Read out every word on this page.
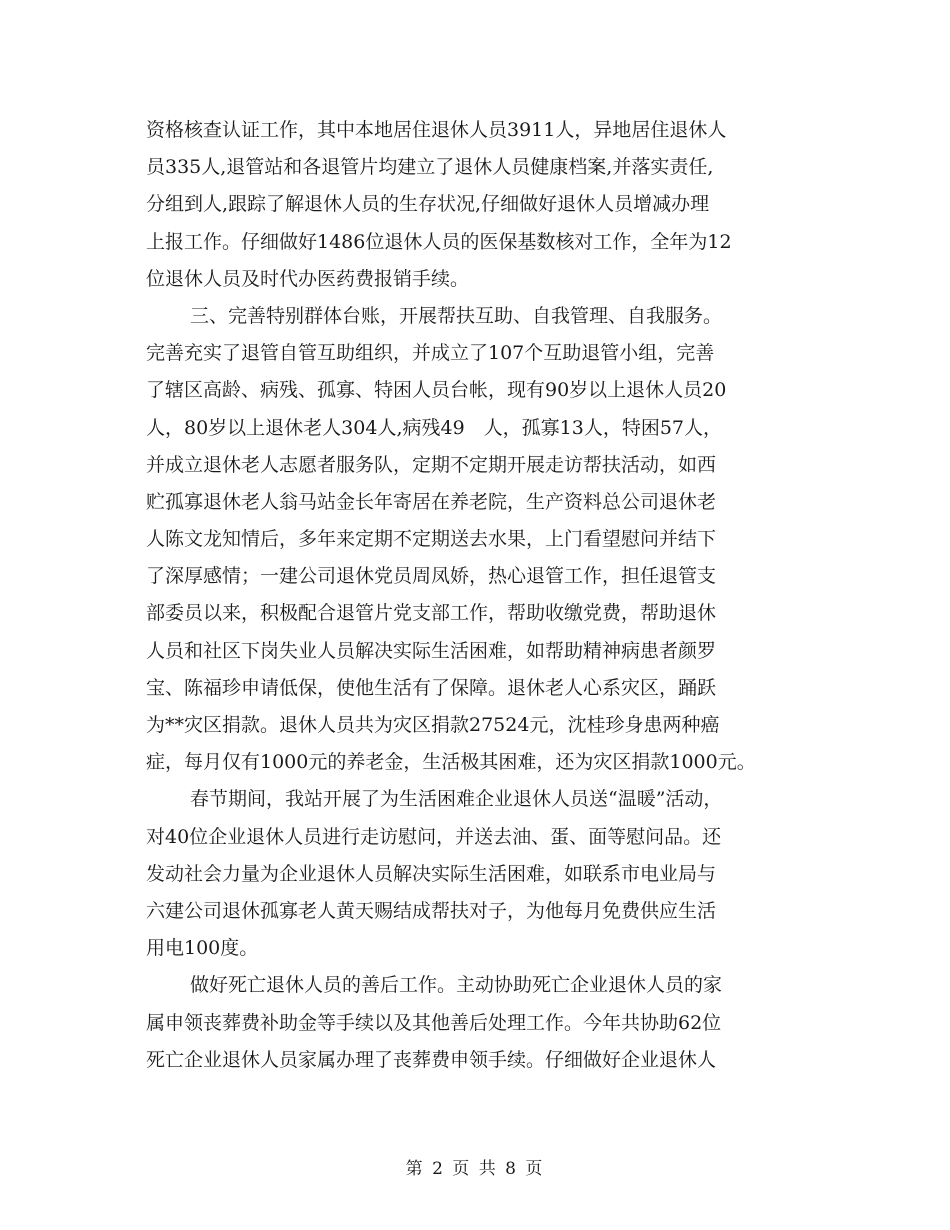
资格核查认证工作，其中本地居住退休人员3911人，异地居住退休人
员335人,退管站和各退管片均建立了退休人员健康档案,并落实责任,
分组到人,跟踪了解退休人员的生存状况,仔细做好退休人员增减办理
上报工作。仔细做好1486位退休人员的医保基数核对工作，全年为12
位退休人员及时代办医药费报销手续。
三、完善特别群体台账，开展帮扶互助、自我管理、自我服务。
完善充实了退管自管互助组织，并成立了107个互助退管小组，完善
了辖区高龄、病残、孤寡、特困人员台帐，现有90岁以上退休人员20
人，80岁以上退休老人304人,病残49　人，孤寡13人，特困57人，
并成立退休老人志愿者服务队，定期不定期开展走访帮扶活动，如西
贮孤寡退休老人翁马站金长年寄居在养老院，生产资料总公司退休老
人陈文龙知情后，多年来定期不定期送去水果，上门看望慰问并结下
了深厚感情；一建公司退休党员周凤娇，热心退管工作，担任退管支
部委员以来，积极配合退管片党支部工作，帮助收缴党费，帮助退休
人员和社区下岗失业人员解决实际生活困难，如帮助精神病患者颜罗
宝、陈福珍申请低保，使他生活有了保障。退休老人心系灾区，踊跃
为**灾区捐款。退休人员共为灾区捐款27524元，沈桂珍身患两种癌
症，每月仅有1000元的养老金，生活极其困难，还为灾区捐款1000元。
春节期间，我站开展了为生活困难企业退休人员送“温暖”活动，
对40位企业退休人员进行走访慰问，并送去油、蛋、面等慰问品。还
发动社会力量为企业退休人员解决实际生活困难，如联系市电业局与
六建公司退休孤寡老人黄天赐结成帮扶对子，为他每月免费供应生活
用电100度。
做好死亡退休人员的善后工作。主动协助死亡企业退休人员的家
属申领丧葬费补助金等手续以及其他善后处理工作。今年共协助62位
死亡企业退休人员家属办理了丧葬费申领手续。仔细做好企业退休人
第 2 页 共 8 页
